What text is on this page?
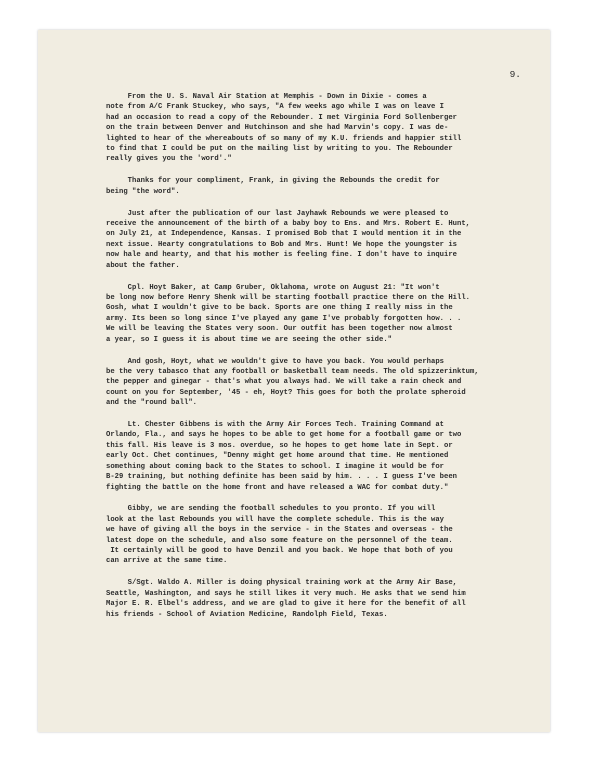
9.

From the U. S. Naval Air Station at Memphis - Down in Dixie - comes a
note from A/C Frank Stuckey, who says, "A few weeks ago while I was on leave I
had an occasion to read a copy of the Rebounder. I met Virginia Ford Sollenberger
on the train between Denver and Hutchinson and she had Marvin's copy. I was de-
lighted to hear of the whereabouts of so many of my K.U. friends and happier still
to find that I could be put on the mailing list by writing to you. The Rebounder
really gives you the 'word'."

Thanks for your compliment, Frank, in giving the Rebounds the credit for
being "the word".

Just after the publication of our last Jayhawk Rebounds we were pleased to
receive the announcement of the birth of a baby boy to Ens. and Mrs. Robert E. Hunt,
on July 21, at Independence, Kansas. I promised Bob that I would mention it in the
next issue. Hearty congratulations to Bob and Mrs. Hunt! We hope the youngster is
now hale and hearty, and that his mother is feeling fine. I don't have to inquire
about the father.

Cpl. Hoyt Baker, at Camp Gruber, Oklahoma, wrote on August 21: "It won't
be long now before Henry Shenk will be starting football practice there on the Hill.
Gosh, what I wouldn't give to be back. Sports are one thing I really miss in the
army. Its been so long since I've played any game I've probably forgotten how. . .
We will be leaving the States very soon. Our outfit has been together now almost
a year, so I guess it is about time we are seeing the other side."

And gosh, Hoyt, what we wouldn't give to have you back. You would perhaps
be the very tabasco that any football or basketball team needs. The old spizzerinktum,
the pepper and ginegar - that's what you always had. We will take a rain check and
count on you for September, '45 - eh, Hoyt? This goes for both the prolate spheroid
and the "round ball".

Lt. Chester Gibbens is with the Army Air Forces Tech. Training Command at
Orlando, Fla., and says he hopes to be able to get home for a football game or two
this fall. His leave is 3 mos. overdue, so he hopes to get home late in Sept. or
early Oct. Chet continues, "Denny might get home around that time. He mentioned
something about coming back to the States to school. I imagine it would be for
B-29 training, but nothing definite has been said by him. . . . I guess I've been
fighting the battle on the home front and have released a WAC for combat duty."

Gibby, we are sending the football schedules to you pronto. If you will
look at the last Rebounds you will have the complete schedule. This is the way
we have of giving all the boys in the service - in the States and overseas - the
latest dope on the schedule, and also some feature on the personnel of the team.
It certainly will be good to have Denzil and you back. We hope that both of you
can arrive at the same time.

S/Sgt. Waldo A. Miller is doing physical training work at the Army Air Base,
Seattle, Washington, and says he still likes it very much. He asks that we send him
Major E. R. Elbel's address, and we are glad to give it here for the benefit of all
his friends - School of Aviation Medicine, Randolph Field, Texas.
